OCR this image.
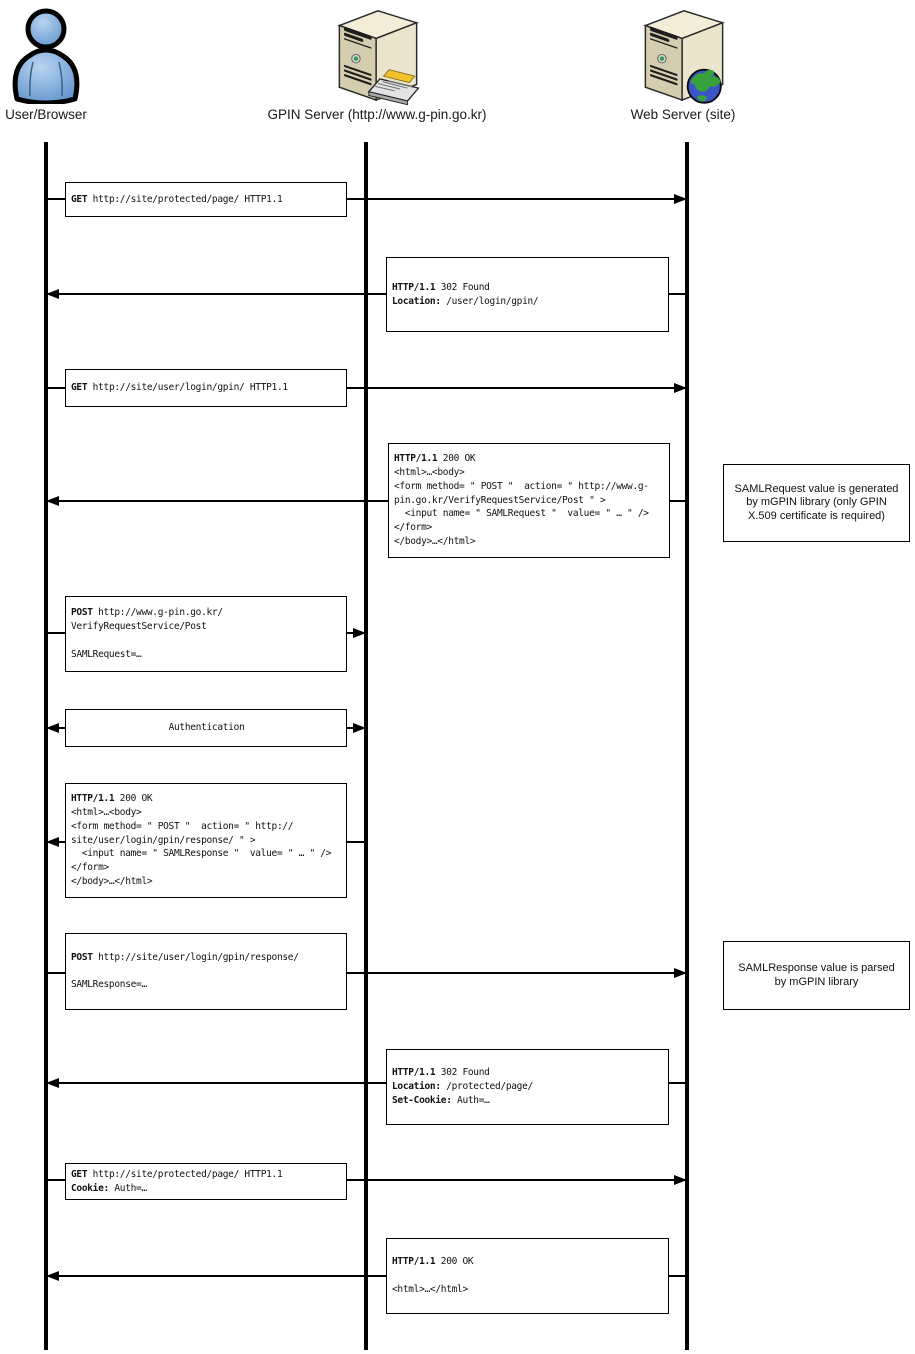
User/Browser	GPIN Server (http://www.g-pin.go.kr)	Web Server (site)
GET http://site/protected/page/ HTTP1.1
HTTP/1.1 302 Found
Location: /user/login/gpin/
GET http://site/user/login/gpin/ HTTP1.1
HTTP/1.1 200 OK
<html>…<body>
<form method= " POST "  action= " http://www.g-
pin.go.kr/VerifyRequestService/Post " >
<input name= " SAMLRequest "  value= " … " />
</form>
</body>…</html>
POST http://www.g-pin.go.kr/
VerifyRequestService/Post
SAMLRequest=…
Authentication
HTTP/1.1 200 OK
<html>…<body>
<form method= " POST "  action= " http://
site/user/login/gpin/response/ " >
<input name= " SAMLResponse "  value= " … " />
</form>
</body>…</html>
POST http://site/user/login/gpin/response/
SAMLResponse=…
HTTP/1.1 302 Found
Location: /protected/page/
Set-Cookie: Auth=…
GET http://site/protected/page/ HTTP1.1
Cookie: Auth=…
HTTP/1.1 200 OK
<html>…</html>
SAMLRequest value is generated by mGPIN library (only GPIN X.509 certificate is required)
SAMLResponse value is parsed by mGPIN library
